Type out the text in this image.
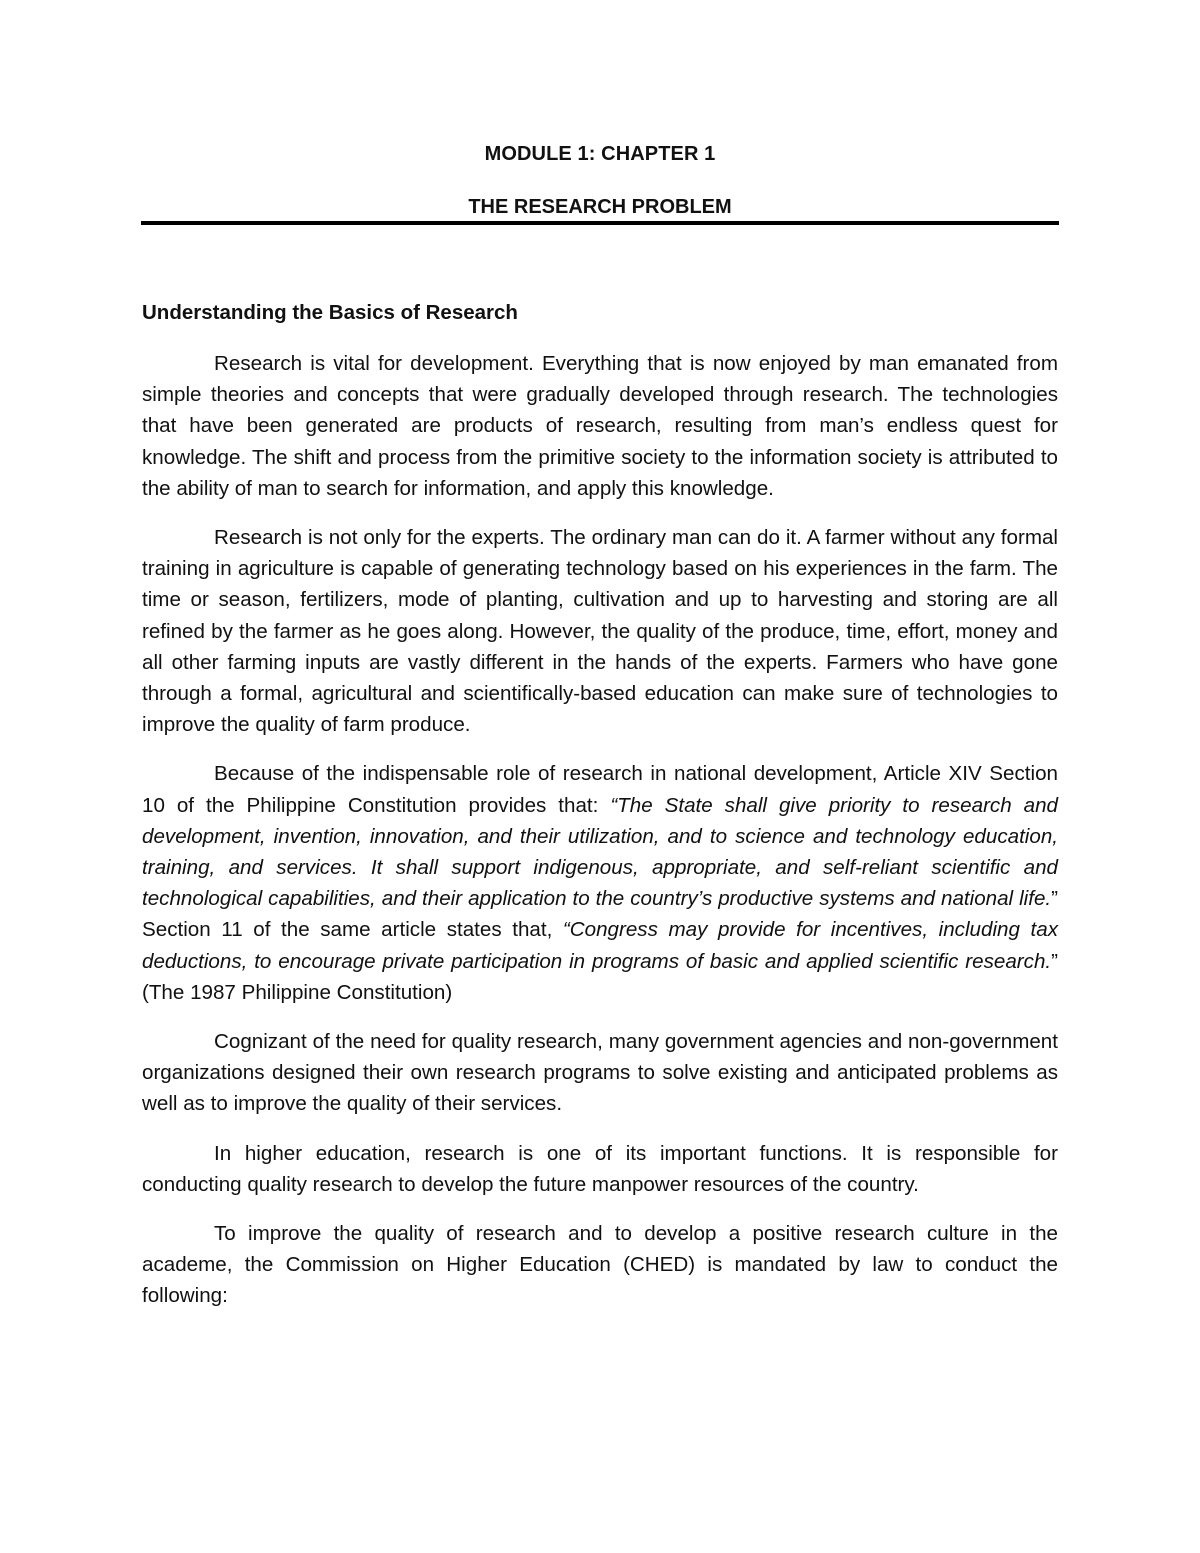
MODULE 1: CHAPTER 1
THE RESEARCH PROBLEM
Understanding the Basics of Research

Research is vital for development. Everything that is now enjoyed by man emanated from simple theories and concepts that were gradually developed through research. The technologies that have been generated are products of research, resulting from man’s endless quest for knowledge. The shift and process from the primitive society to the information society is attributed to the ability of man to search for information, and apply this knowledge.

Research is not only for the experts. The ordinary man can do it. A farmer without any formal training in agriculture is capable of generating technology based on his experiences in the farm. The time or season, fertilizers, mode of planting, cultivation and up to harvesting and storing are all refined by the farmer as he goes along. However, the quality of the produce, time, effort, money and all other farming inputs are vastly different in the hands of the experts. Farmers who have gone through a formal, agricultural and scientifically-based education can make sure of technologies to improve the quality of farm produce.

Because of the indispensable role of research in national development, Article XIV Section 10 of the Philippine Constitution provides that: “The State shall give priority to research and development, invention, innovation, and their utilization, and to science and technology education, training, and services. It shall support indigenous, appropriate, and self-reliant scientific and technological capabilities, and their application to the country’s productive systems and national life.” Section 11 of the same article states that, “Congress may provide for incentives, including tax deductions, to encourage private participation in programs of basic and applied scientific research.” (The 1987 Philippine Constitution)

Cognizant of the need for quality research, many government agencies and non-government organizations designed their own research programs to solve existing and anticipated problems as well as to improve the quality of their services.

In higher education, research is one of its important functions. It is responsible for conducting quality research to develop the future manpower resources of the country.

To improve the quality of research and to develop a positive research culture in the academe, the Commission on Higher Education (CHED) is mandated by law to conduct the following:
